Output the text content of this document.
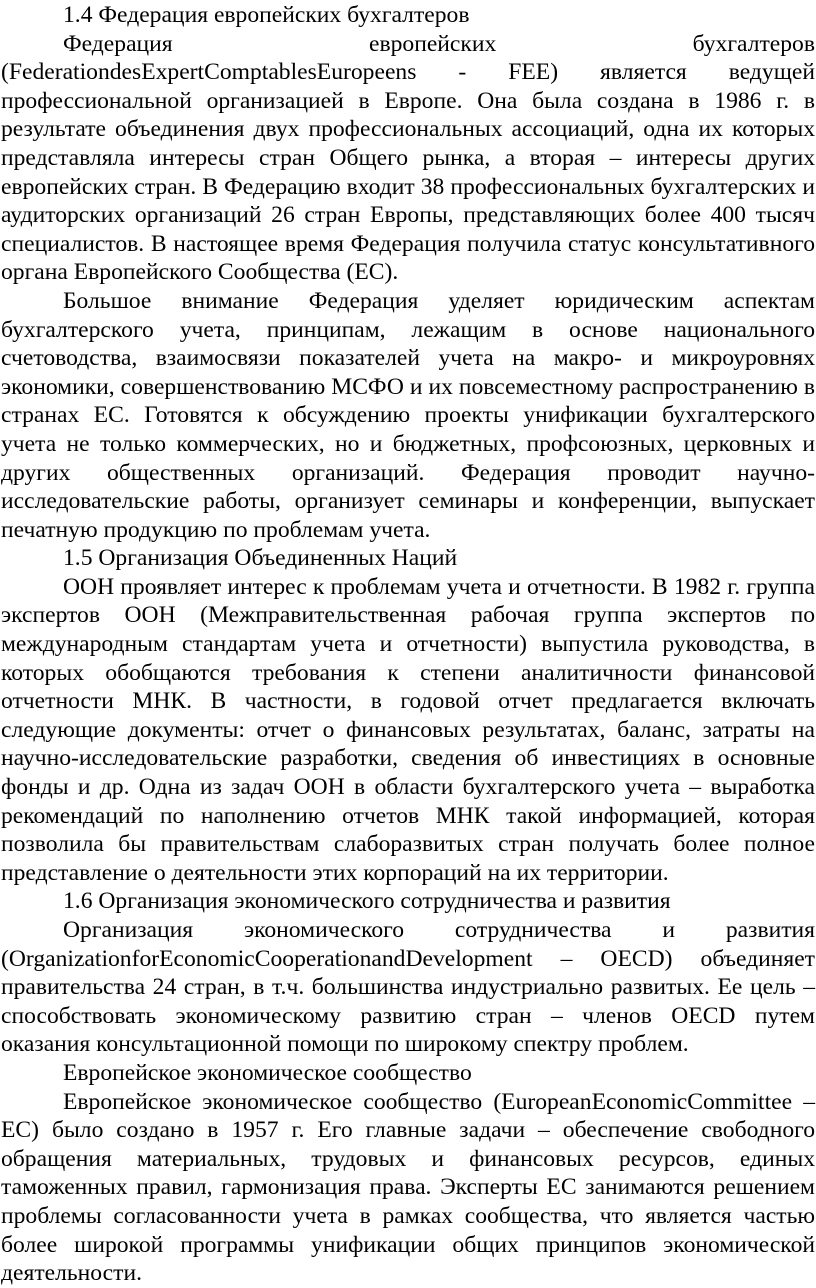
1.4 Федерация европейских бухгалтеров

Федерация европейских бухгалтеров (FederationdesExpertComptablesEuropeens - FEE) является ведущей профессиональной организацией в Европе. Она была создана в 1986 г. в результате объединения двух профессиональных ассоциаций, одна их которых представляла интересы стран Общего рынка, а вторая – интересы других европейских стран. В Федерацию входит 38 профессиональных бухгалтерских и аудиторских организаций 26 стран Европы, представляющих более 400 тысяч специалистов. В настоящее время Федерация получила статус консультативного органа Европейского Сообщества (ЕС).

Большое внимание Федерация уделяет юридическим аспектам бухгалтерского учета, принципам, лежащим в основе национального счетоводства, взаимосвязи показателей учета на макро- и микроуровнях экономики, совершенствованию МСФО и их повсеместному распространению в странах ЕС. Готовятся к обсуждению проекты унификации бухгалтерского учета не только коммерческих, но и бюджетных, профсоюзных, церковных и других общественных организаций. Федерация проводит научно-исследовательские работы, организует семинары и конференции, выпускает печатную продукцию по проблемам учета.

1.5 Организация Объединенных Наций

ООН проявляет интерес к проблемам учета и отчетности. В 1982 г. группа экспертов ООН (Межправительственная рабочая группа экспертов по международным стандартам учета и отчетности) выпустила руководства, в которых обобщаются требования к степени аналитичности финансовой отчетности МНК. В частности, в годовой отчет предлагается включать следующие документы: отчет о финансовых результатах, баланс, затраты на научно-исследовательские разработки, сведения об инвестициях в основные фонды и др. Одна из задач ООН в области бухгалтерского учета – выработка рекомендаций по наполнению отчетов МНК такой информацией, которая позволила бы правительствам слаборазвитых стран получать более полное представление о деятельности этих корпораций на их территории.

1.6 Организация экономического сотрудничества и развития

Организация экономического сотрудничества и развития (OrganizationforEconomicCooperationandDevelopment – OECD) объединяет правительства 24 стран, в т.ч. большинства индустриально развитых. Ее цель – способствовать экономическому развитию стран – членов OECD путем оказания консультационной помощи по широкому спектру проблем.

Европейское экономическое сообщество

Европейское экономическое сообщество (EuropeanEconomicCommittee – ЕС) было создано в 1957 г. Его главные задачи – обеспечение свободного обращения материальных, трудовых и финансовых ресурсов, единых таможенных правил, гармонизация права. Эксперты ЕС занимаются решением проблемы согласованности учета в рамках сообщества, что является частью более широкой программы унификации общих принципов экономической деятельности.
